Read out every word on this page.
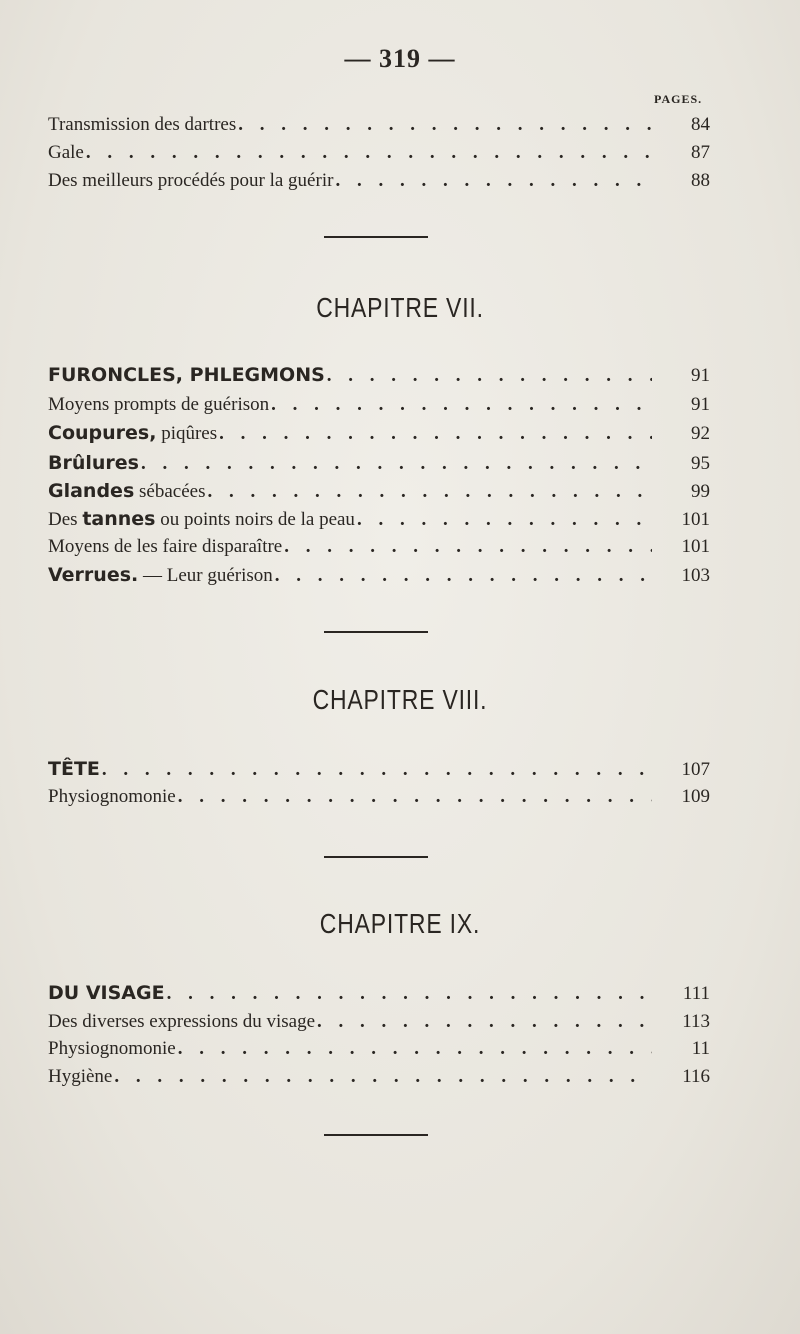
— 319 —
PAGES.
Transmission des dartres . . .	84
Gale . . .	87
Des meilleurs procédés pour la guérir . . .	88
CHAPITRE VII.
FURONCLES, PHLEGMONS . . .	91
Moyens prompts de guérison . . .	91
Coupures, piqûres . . .	92
Brûlures . . .	95
Glandes sébacées . . .	99
Des tannes ou points noirs de la peau . . .	101
Moyens de les faire disparaître . . .	101
Verrues. — Leur guérison . . .	103
CHAPITRE VIII.
TÊTE . . .	107
Physiognomonie . . .	109
CHAPITRE IX.
DU VISAGE . . .	111
Des diverses expressions du visage . . .	113
Physiognomonie . . .	11
Hygiène . . .	116
